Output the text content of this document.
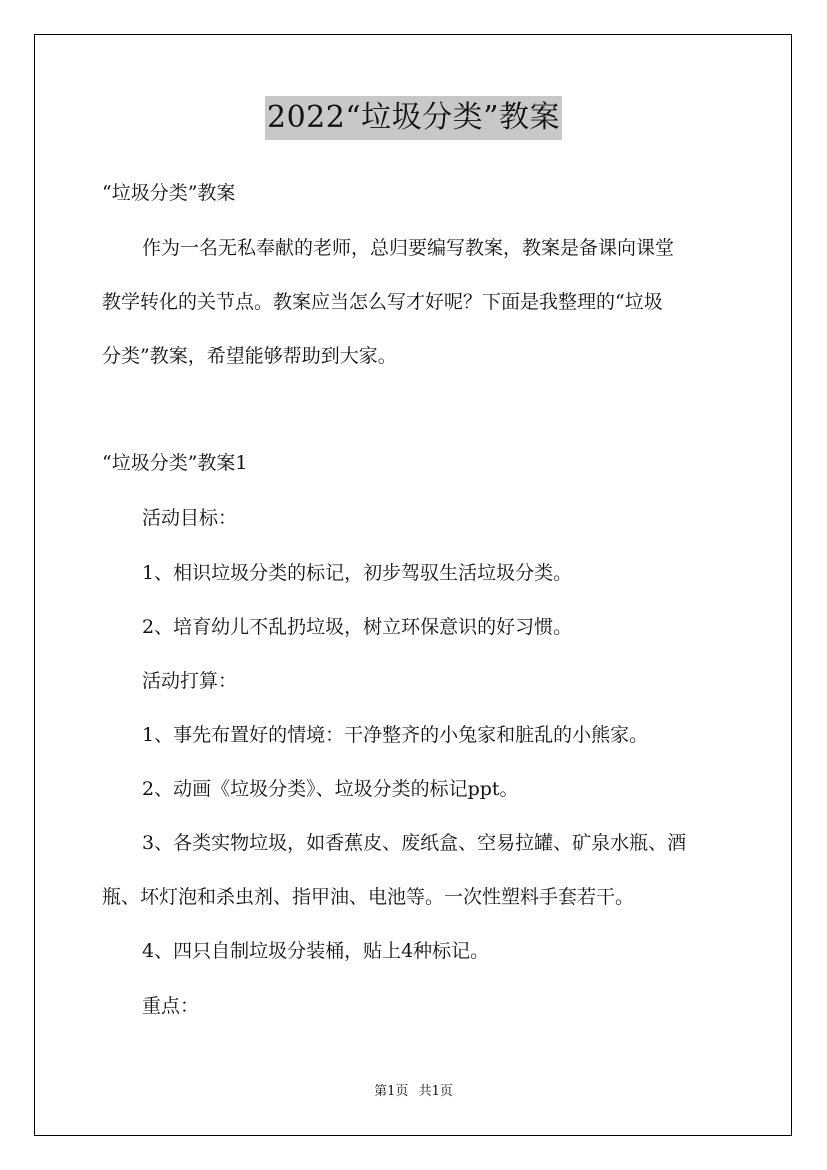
2022“垃圾分类”教案
“垃圾分类”教案
作为一名无私奉献的老师，总归要编写教案，教案是备课向课堂
教学转化的关节点。教案应当怎么写才好呢？下面是我整理的“垃圾
分类”教案，希望能够帮助到大家。
“垃圾分类”教案1
活动目标：
1、相识垃圾分类的标记，初步驾驭生活垃圾分类。
2、培育幼儿不乱扔垃圾，树立环保意识的好习惯。
活动打算：
1、事先布置好的情境：干净整齐的小兔家和脏乱的小熊家。
2、动画《垃圾分类》、垃圾分类的标记ppt。
3、各类实物垃圾，如香蕉皮、废纸盒、空易拉罐、矿泉水瓶、酒
瓶、坏灯泡和杀虫剂、指甲油、电池等。一次性塑料手套若干。
4、四只自制垃圾分装桶，贴上4种标记。
重点：
第1页 共1页
